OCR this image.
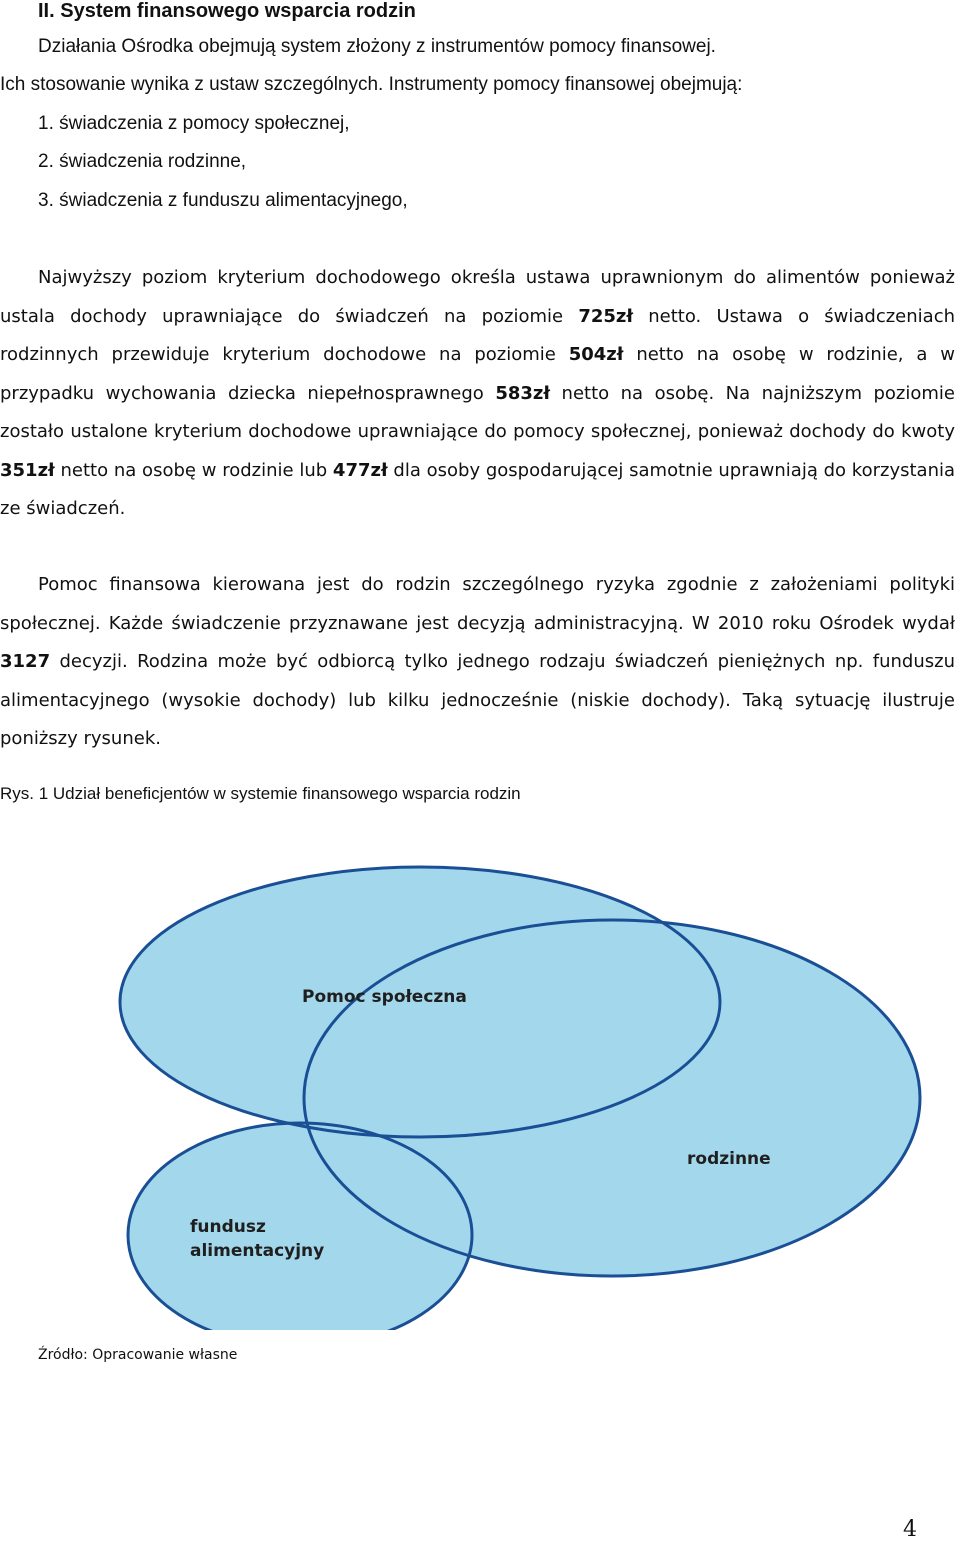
II. System finansowego wsparcia rodzin
Działania Ośrodka obejmują system złożony z instrumentów pomocy finansowej.
Ich stosowanie wynika z ustaw szczególnych. Instrumenty pomocy finansowej obejmują:
1. świadczenia z pomocy społecznej,
2. świadczenia rodzinne,
3. świadczenia z funduszu alimentacyjnego,
Najwyższy poziom kryterium dochodowego określa ustawa uprawnionym do alimentów ponieważ ustala dochody uprawniające do świadczeń na poziomie 725zł netto. Ustawa o świadczeniach rodzinnych przewiduje kryterium dochodowe na poziomie 504zł netto na osobę w rodzinie, a w przypadku wychowania dziecka niepełnosprawnego 583zł netto na osobę. Na najniższym poziomie zostało ustalone kryterium dochodowe uprawniające do pomocy społecznej, ponieważ dochody do kwoty 351zł netto na osobę w rodzinie lub 477zł dla osoby gospodarującej samotnie uprawniają do korzystania ze świadczeń.
Pomoc finansowa kierowana jest do rodzin szczególnego ryzyka zgodnie z założeniami polityki społecznej. Każde świadczenie przyznawane jest decyzją administracyjną. W 2010 roku Ośrodek wydał 3127 decyzji. Rodzina może być odbiorcą tylko jednego rodzaju świadczeń pieniężnych np. funduszu alimentacyjnego (wysokie dochody) lub kilku jednocześnie (niskie dochody). Taką sytuację ilustruje poniższy rysunek.
Rys. 1 Udział beneficjentów w systemie finansowego wsparcia rodzin
Pomoc społeczna
rodzinne
fundusz
alimentacyjny
Źródło: Opracowanie własne
4
